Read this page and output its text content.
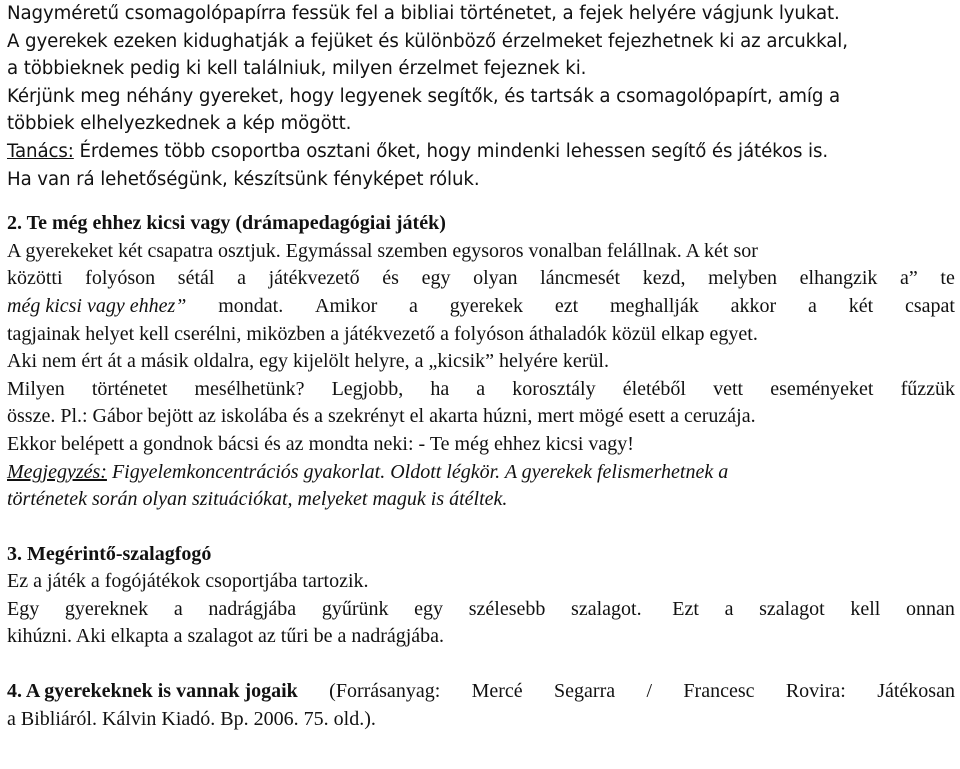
Nagyméretű csomagolópapírra fessük fel a bibliai történetet, a fejek helyére vágjunk lyukat.
A gyerekek ezeken kidughatják a fejüket és különböző érzelmeket fejezhetnek ki az arcukkal,
a többieknek pedig ki kell találniuk, milyen érzelmet fejeznek ki.
Kérjünk meg néhány gyereket, hogy legyenek segítők, és tartsák a csomagolópapírt, amíg a
többiek elhelyezkednek a kép mögött.
Tanács: Érdemes több csoportba osztani őket, hogy mindenki lehessen segítő és játékos is.
Ha van rá lehetőségünk, készítsünk fényképet róluk.
2. Te még ehhez kicsi vagy (drámapedagógiai játék)
A gyerekeket két csapatra osztjuk. Egymással szemben egysoros vonalban felállnak. A két sor
közötti folyóson sétál a játékvezető és egy olyan láncmesét kezd, melyben elhangzik a” te
még kicsi vagy ehhez” mondat. Amikor a gyerekek ezt meghallják akkor a két csapat
tagjainak helyet kell cserélni, miközben a játékvezető a folyóson áthaladók közül elkap egyet.
Aki nem ért át a másik oldalra, egy kijelölt helyre, a „kicsik” helyére kerül.
Milyen történetet mesélhetünk? Legjobb, ha a korosztály életéből vett eseményeket fűzzük
össze. Pl.: Gábor bejött az iskolába és a szekrényt el akarta húzni, mert mögé esett a ceruzája.
Ekkor belépett a gondnok bácsi és az mondta neki: - Te még ehhez kicsi vagy!
Megjegyzés: Figyelemkoncentrációs gyakorlat. Oldott légkör. A gyerekek felismerhetnek a
történetek során olyan szituációkat, melyeket maguk is átéltek.
3. Megérintő-szalagfogó
Ez a játék a fogójátékok csoportjába tartozik.
Egy gyereknek a nadrágjába gyűrünk egy szélesebb szalagot. Ezt a szalagot kell onnan
kihúzni. Aki elkapta a szalagot az tűri be a nadrágjába.
4. A gyerekeknek is vannak jogaik (Forrásanyag: Mercé Segarra / Francesc Rovira: Játékosan
a Bibliáról. Kálvin Kiadó. Bp. 2006. 75. old.).
